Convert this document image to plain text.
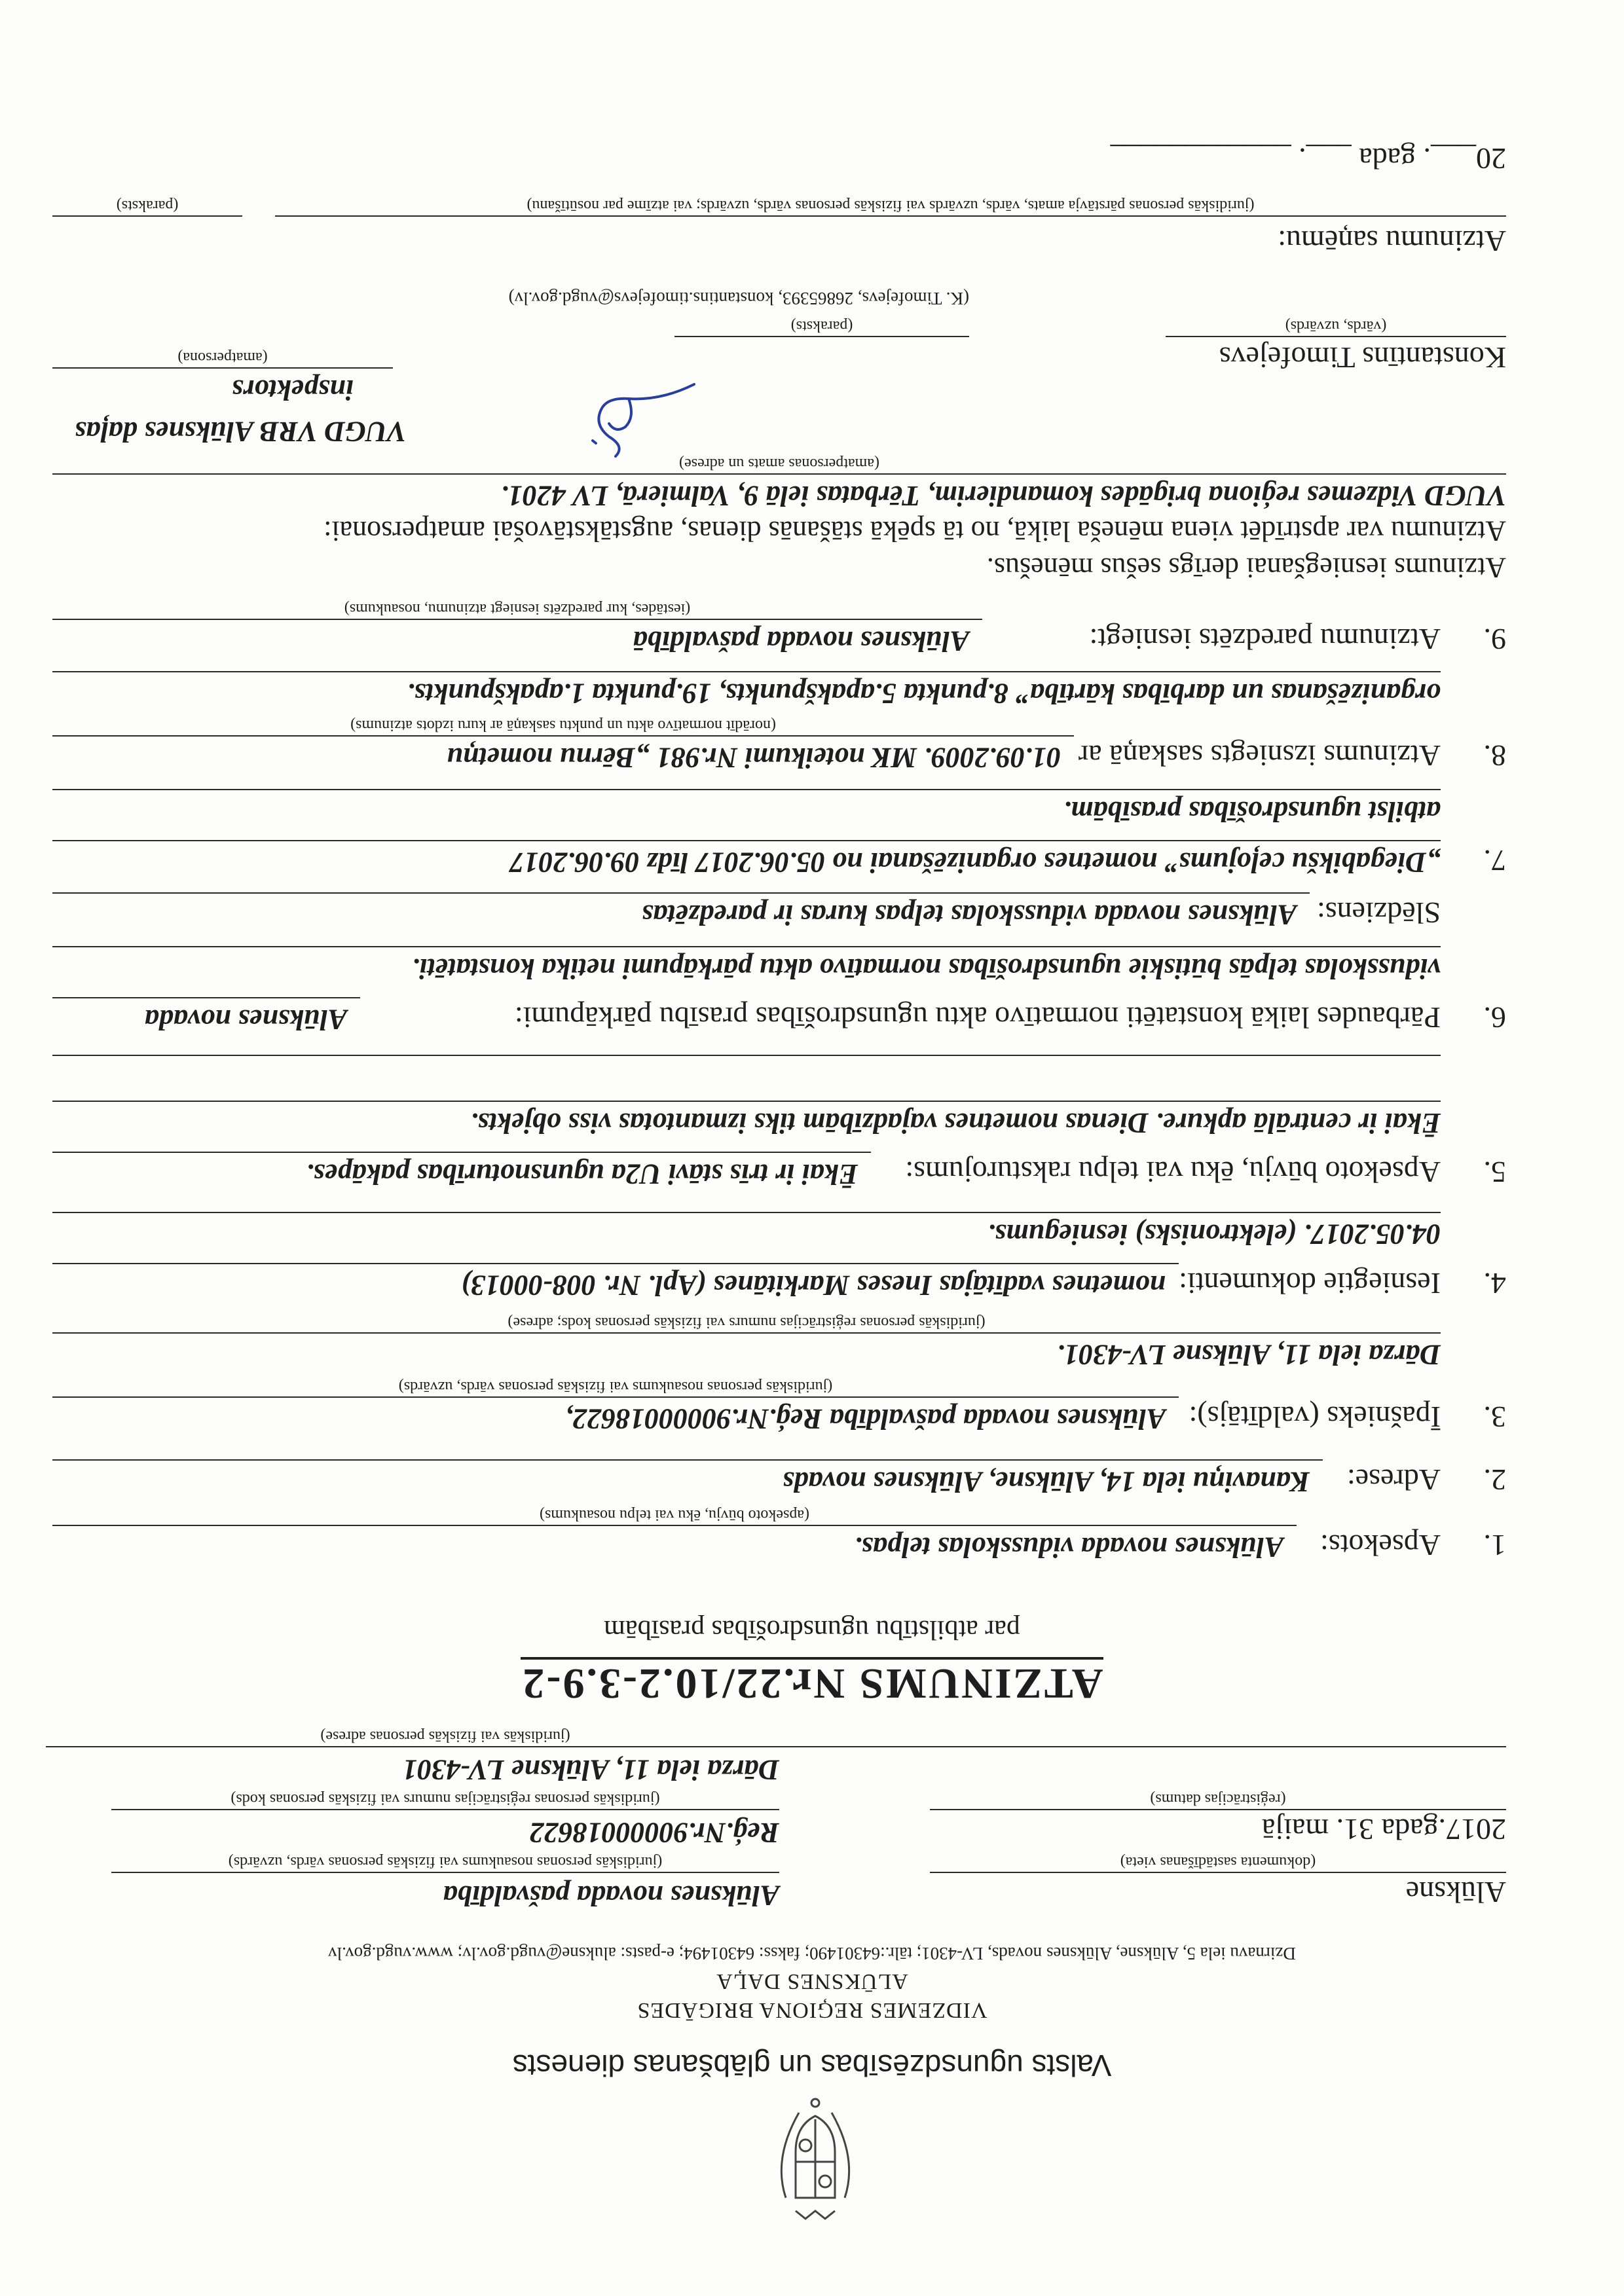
Valsts ugunsdzēsības un glābšanas dienests
VIDZEMES REĢIONA BRIGĀDES
ALŪKSNES DAĻA
Dzirnavu iela 5, Alūksne, Alūksnes novads, LV-4301; tālr.:64301490; fakss: 64301494; e-pasts: aluksne@vugd.gov.lv; www.vugd.gov.lv
Alūksne
(dokumenta sastādīšanas vieta)
2017.gada 31. maijā
(reģistrācijas datums)
Alūksnes novada pašvaldība
(juridiskās personas nosaukums vai fiziskās personas vārds, uzvārds)
Reģ.Nr.90000018622
(juridiskās personas reģistrācijas numurs vai fiziskās personas kods)
Dārza iela 11, Alūksne LV-4301
(juridiskās vai fiziskās personas adrese)
ATZINUMS Nr.22/10.2-3.9-2
par atbilstību ugunsdrošības prasībām
1.
Apsekots:
Alūksnes novada vidusskolas telpas.
(apsekoto būvju, ēku vai telpu nosaukums)
2.
Adrese:
Kanaviņu iela 14, Alūksne, Alūksnes novads
3.
Īpašnieks (valdītājs):
Alūksnes novada pašvaldība Reģ.Nr.90000018622,
(juridiskās personas nosaukums vai fiziskās personas vārds, uzvārds)
Dārza iela 11, Alūksne LV-4301.
(juridiskās personas reģistrācijas numurs vai fiziskās personas kods; adrese)
4.
Iesniegtie dokumenti:
nometnes vadītājas Ineses Markitānes (Apl. Nr. 008-00013)
04.05.2017. (elektronisks) iesniegums.
5.
Apsekoto būvju, ēku vai telpu raksturojums:
Ēkai ir trīs stāvi U2a ugunsnoturības pakāpes.
Ēkai ir centrālā apkure. Dienas nometnes vajadzībām tiks izmantotas viss objekts.
6.
Pārbaudes laikā konstatēti normatīvo aktu ugunsdrošības prasību pārkāpumi:
Alūksnes novada
vidusskolas telpās būtiskie ugunsdrošības normatīvo aktu pārkāpumi netika konstatēti.
Slēdziens:
Alūksnes novada vidusskolas telpas kuras ir paredzētas
7.
„Diegabikšu ceļojums” nometnes organizēšanai no 05.06.2017 līdz 09.06.2017
atbilst ugunsdrošības prasībām.
8.
Atzinums izsniegts saskaņā ar
01.09.2009. MK noteikumi Nr.981 „Bērnu nometņu
(norādīt normatīvo aktu un punktu saskaņā ar kuru izdots atzinums)
organizēšanas un darbības kārtība” 8.punkta 5.apakšpunkts, 19.punkta 1.apakšpunkts.
9.
Atzinumu paredzēts iesniegt:
Alūksnes novada pašvaldībā
(iestādes, kur paredzēts iesniegt atzinumu, nosaukums)
Atzinums iesniegšanai derīgs sešus mēnešus.
Atzinumu var apstrīdēt viena mēneša laikā, no tā spēkā stāšanās dienas, augstākstāvošai amatpersonai:
VUGD Vidzemes reģiona brigādes komandierim, Tērbatas ielā 9, Valmierā, LV 4201.
(amatpersonas amats un adrese)
VUGD VRB Alūksnes daļas
inspektors
(amatpersona)	Konstantīns Timofejevs
(vārds, uzvārds)
(paraksts)
(K. Timofejevs, 26865393, konstantins.timofejevs@vugd.gov.lv)
Atzinumu saņēmu:
(juridiskās personas pārstāvja amats, vārds, uzvārds vai fiziskās personas vārds, uzvārds; vai atzīme par nosūtīšanu)
(paraksts)
20___. gada ___. ____________
